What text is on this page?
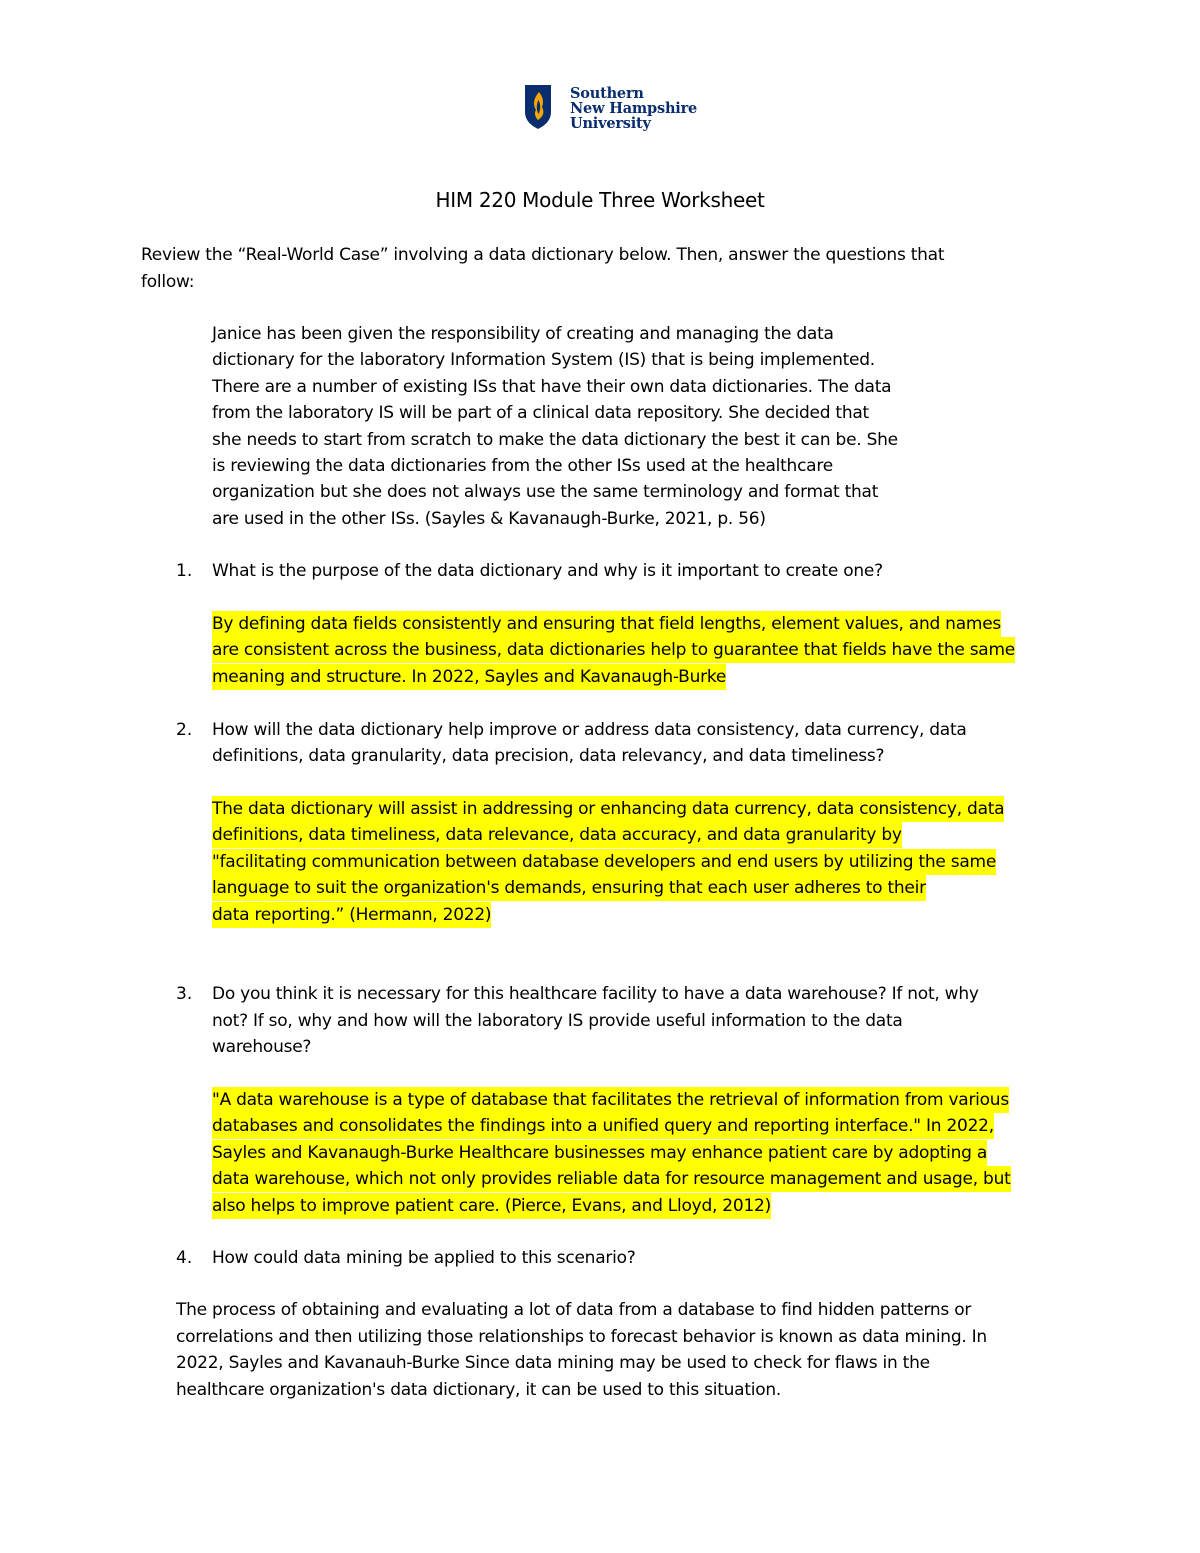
Southern
New Hampshire
University
HIM 220 Module Three Worksheet
Review the “Real-World Case” involving a data dictionary below. Then, answer the questions that
follow:
Janice has been given the responsibility of creating and managing the data
dictionary for the laboratory Information System (IS) that is being implemented.
There are a number of existing ISs that have their own data dictionaries. The data
from the laboratory IS will be part of a clinical data repository. She decided that
she needs to start from scratch to make the data dictionary the best it can be. She
is reviewing the data dictionaries from the other ISs used at the healthcare
organization but she does not always use the same terminology and format that
are used in the other ISs. (Sayles & Kavanaugh-Burke, 2021, p. 56)
1. What is the purpose of the data dictionary and why is it important to create one?
By defining data fields consistently and ensuring that field lengths, element values, and names
are consistent across the business, data dictionaries help to guarantee that fields have the same
meaning and structure. In 2022, Sayles and Kavanaugh-Burke
2. How will the data dictionary help improve or address data consistency, data currency, data
definitions, data granularity, data precision, data relevancy, and data timeliness?
The data dictionary will assist in addressing or enhancing data currency, data consistency, data
definitions, data timeliness, data relevance, data accuracy, and data granularity by
"facilitating communication between database developers and end users by utilizing the same
language to suit the organization's demands, ensuring that each user adheres to their
data reporting.” (Hermann, 2022)
3. Do you think it is necessary for this healthcare facility to have a data warehouse? If not, why
not? If so, why and how will the laboratory IS provide useful information to the data
warehouse?
"A data warehouse is a type of database that facilitates the retrieval of information from various
databases and consolidates the findings into a unified query and reporting interface." In 2022,
Sayles and Kavanaugh-Burke Healthcare businesses may enhance patient care by adopting a
data warehouse, which not only provides reliable data for resource management and usage, but
also helps to improve patient care. (Pierce, Evans, and Lloyd, 2012)
4. How could data mining be applied to this scenario?
The process of obtaining and evaluating a lot of data from a database to find hidden patterns or
correlations and then utilizing those relationships to forecast behavior is known as data mining. In
2022, Sayles and Kavanauh-Burke Since data mining may be used to check for flaws in the
healthcare organization's data dictionary, it can be used to this situation.
